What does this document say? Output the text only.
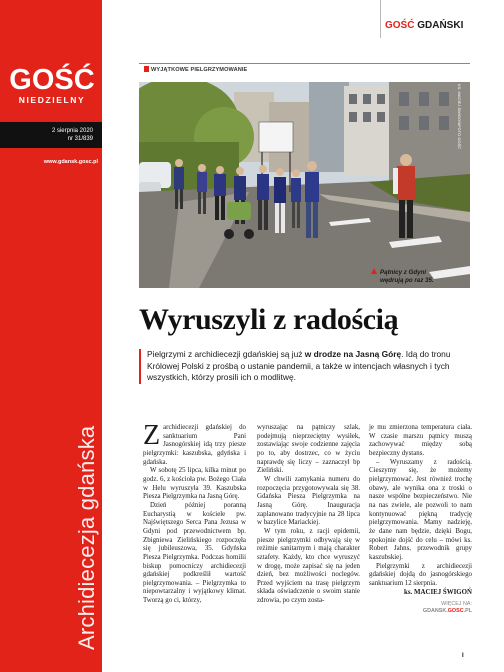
GOŚĆ
NIEDZIELNY
2 sierpnia 2020
nr 31/839
www.gdansk.gosc.pl
Archidiecezja gdańska
GOŚĆ GDAŃSKI
WYJĄTKOWE PIELGRZYMOWANIE
KS. MACIEJ ŚWIGOŃ/FOTO GOŚĆ
Pątnicy z Gdyni
wędrują po raz 35.
Wyruszyli z radością
Pielgrzymi z archidiecezji gdańskiej są już w drodze na Jasną Górę. Idą do tronu Królowej Polski z prośbą o ustanie pandemii, a także w intencjach własnych i tych wszystkich, którzy prosili ich o modlitwę.

Zarchidiecezji gdańskiej do sanktuarium Pani Jasnogórskiej idą trzy piesze pielgrzymki: kaszubska, gdyńska i gdańska.

W sobotę 25 lipca, kilka minut po godz. 6, z kościoła pw. Bożego Ciała w Helu wyruszyła 39. Kaszubska Piesza Pielgrzymka na Jasną Górę.

Dzień później poranną Eucharystią w kościele pw. Najświętszego Serca Pana Jezusa w Gdyni pod przewodnictwem bp. Zbigniewa Zielińskiego rozpoczęła się jubileuszowa, 35. Gdyńska Piesza Pielgrzymka. Podczas homilii biskup pomocniczy archidiecezji gdańskiej podkreślił wartość pielgrzymowania. – Pielgrzymka to niepowtarzalny i wyjątkowy klimat. Tworzą go ci, którzy,

wyruszając na pątniczy szlak, podejmują nieprzeciętny wysiłek, zostawiając swoje codzienne zajęcia po to, aby dostrzec, co w życiu naprawdę się liczy – zaznaczył bp Zieliński.

W chwili zamykania numeru do rozpoczęcia przygotowywała się 38. Gdańska Piesza Pielgrzymka na Jasną Górę. Inauguracja zaplanowano tradycyjnie na 28 lipca w bazylice Mariackiej.

W tym roku, z racji epidemii, piesze pielgrzymki odbywają się w reżimie sanitarnym i mają charakter sztafety. Każdy, kto chce wyruszyć w drogę, może zapisać się na jeden dzień, bez możliwości noclegów. Przed wyjściem na trasę pielgrzym składa oświadczenie o swoim stanie zdrowia, po czym zosta-

je mu zmierzona temperatura ciała. W czasie marszu pątnicy muszą zachowywać między sobą bezpieczny dystans.

– Wyruszamy z radością. Cieszymy się, że możemy pielgrzymować. Jest również trochę obawy, ale wynika ona z troski o nasze wspólne bezpieczeństwo. Nie na nas zwiele, ale pozwoli to nam kontynuować piękną tradycję pielgrzymowania. Mamy nadzieję, że dane nam będzie, dzięki Bogu, spokojnie dojść do celu – mówi ks. Robert Jahns, przewodnik grupy kaszubskiej.

Pielgrzymki z archidiecezji gdańskiej dojdą do jasnogórskiego sanktuarium 12 sierpnia.

ks. MACIEJ ŚWIGOŃ
WIĘCEJ NA:
GDANSK.GOSC.PL
I
